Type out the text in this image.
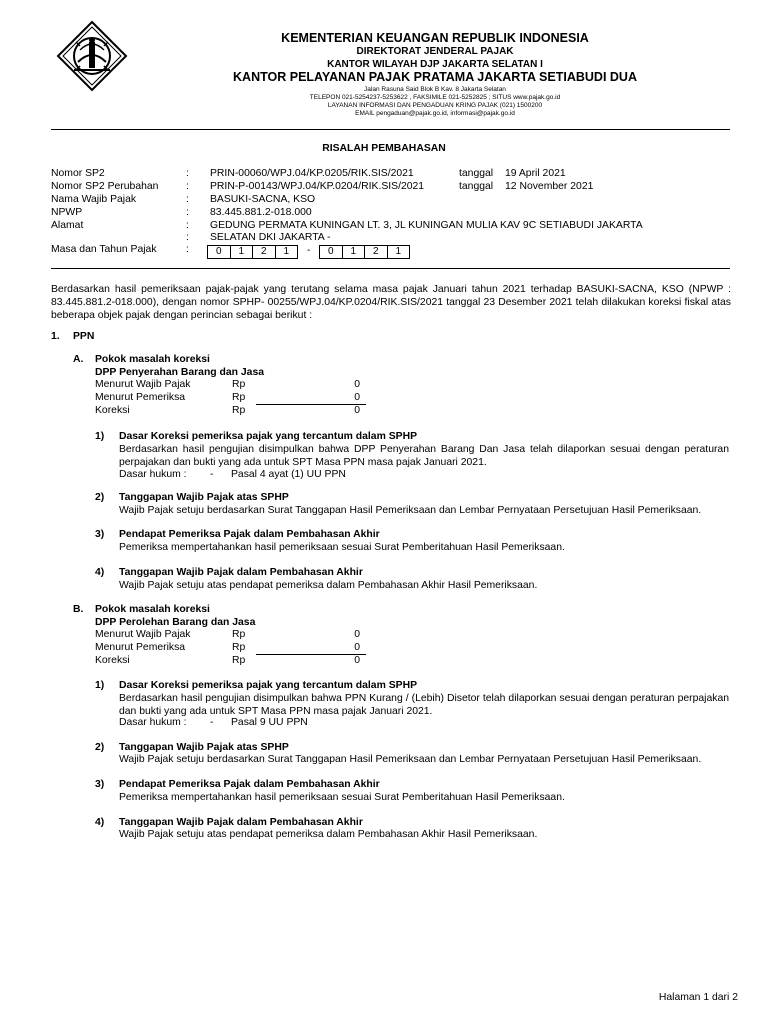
KEMENTERIAN KEUANGAN REPUBLIK INDONESIA
DIREKTORAT JENDERAL PAJAK
KANTOR WILAYAH DJP JAKARTA SELATAN I
KANTOR PELAYANAN PAJAK PRATAMA JAKARTA SETIABUDI DUA
Jalan Rasuna Said Blok B Kav. 8 Jakarta Selatan
TELEPON 021-5254237-5253622 , FAKSIMILE 021-5252825 ; SITUS www.pajak.go.id
LAYANAN INFORMASI DAN PENGADUAN KRING PAJAK (021) 1500200
EMAIL pengaduan@pajak.go.id, informasi@pajak.go.id
RISALAH PEMBAHASAN
Nomor SP2	: PRIN-00060/WPJ.04/KP.0205/RIK.SIS/2021	tanggal 19 April 2021
Nomor SP2 Perubahan	: PRIN-P-00143/WPJ.04/KP.0204/RIK.SIS/2021	tanggal 12 November 2021
Nama Wajib Pajak	: BASUKI-SACNA, KSO
NPWP	: 83.445.881.2-018.000
Alamat	: GEDUNG PERMATA KUNINGAN LT. 3, JL KUNINGAN MULIA KAV 9C SETIABUDI JAKARTA
: SELATAN DKI JAKARTA -
Masa dan Tahun Pajak	:	0	1	2	1	-	0	1	2	1
Berdasarkan hasil pemeriksaan pajak-pajak yang terutang selama masa pajak Januari tahun 2021 terhadap BASUKI-SACNA, KSO (NPWP : 83.445.881.2-018.000), dengan nomor SPHP- 00255/WPJ.04/KP.0204/RIK.SIS/2021 tanggal 23 Desember 2021 telah dilakukan koreksi fiskal atas beberapa objek pajak dengan perincian sebagai berikut :
1. PPN
A. Pokok masalah koreksi
DPP Penyerahan Barang dan Jasa
Menurut Wajib Pajak	Rp	0
Menurut Pemeriksa	Rp	0
Koreksi	Rp	0
1) Dasar Koreksi pemeriksa pajak yang tercantum dalam SPHP
Berdasarkan hasil pengujian disimpulkan bahwa DPP Penyerahan Barang Dan Jasa telah dilaporkan sesuai dengan peraturan perpajakan dan bukti yang ada untuk SPT Masa PPN masa pajak Januari 2021.
Dasar hukum : - Pasal 4 ayat (1) UU PPN
2) Tanggapan Wajib Pajak atas SPHP
Wajib Pajak setuju berdasarkan Surat Tanggapan Hasil Pemeriksaan dan Lembar Pernyataan Persetujuan Hasil Pemeriksaan.
3) Pendapat Pemeriksa Pajak dalam Pembahasan Akhir
Pemeriksa mempertahankan hasil pemeriksaan sesuai Surat Pemberitahuan Hasil Pemeriksaan.
4) Tanggapan Wajib Pajak dalam Pembahasan Akhir
Wajib Pajak setuju atas pendapat pemeriksa dalam Pembahasan Akhir Hasil Pemeriksaan.
B. Pokok masalah koreksi
DPP Perolehan Barang dan Jasa
Menurut Wajib Pajak	Rp	0
Menurut Pemeriksa	Rp	0
Koreksi	Rp	0
1) Dasar Koreksi pemeriksa pajak yang tercantum dalam SPHP
Berdasarkan hasil pengujian disimpulkan bahwa PPN Kurang / (Lebih) Disetor telah dilaporkan sesuai dengan peraturan perpajakan dan bukti yang ada untuk SPT Masa PPN masa pajak Januari 2021.
Dasar hukum : - Pasal 9 UU PPN
2) Tanggapan Wajib Pajak atas SPHP
Wajib Pajak setuju berdasarkan Surat Tanggapan Hasil Pemeriksaan dan Lembar Pernyataan Persetujuan Hasil Pemeriksaan.
3) Pendapat Pemeriksa Pajak dalam Pembahasan Akhir
Pemeriksa mempertahankan hasil pemeriksaan sesuai Surat Pemberitahuan Hasil Pemeriksaan.
4) Tanggapan Wajib Pajak dalam Pembahasan Akhir
Wajib Pajak setuju atas pendapat pemeriksa dalam Pembahasan Akhir Hasil Pemeriksaan.
Halaman 1 dari 2
